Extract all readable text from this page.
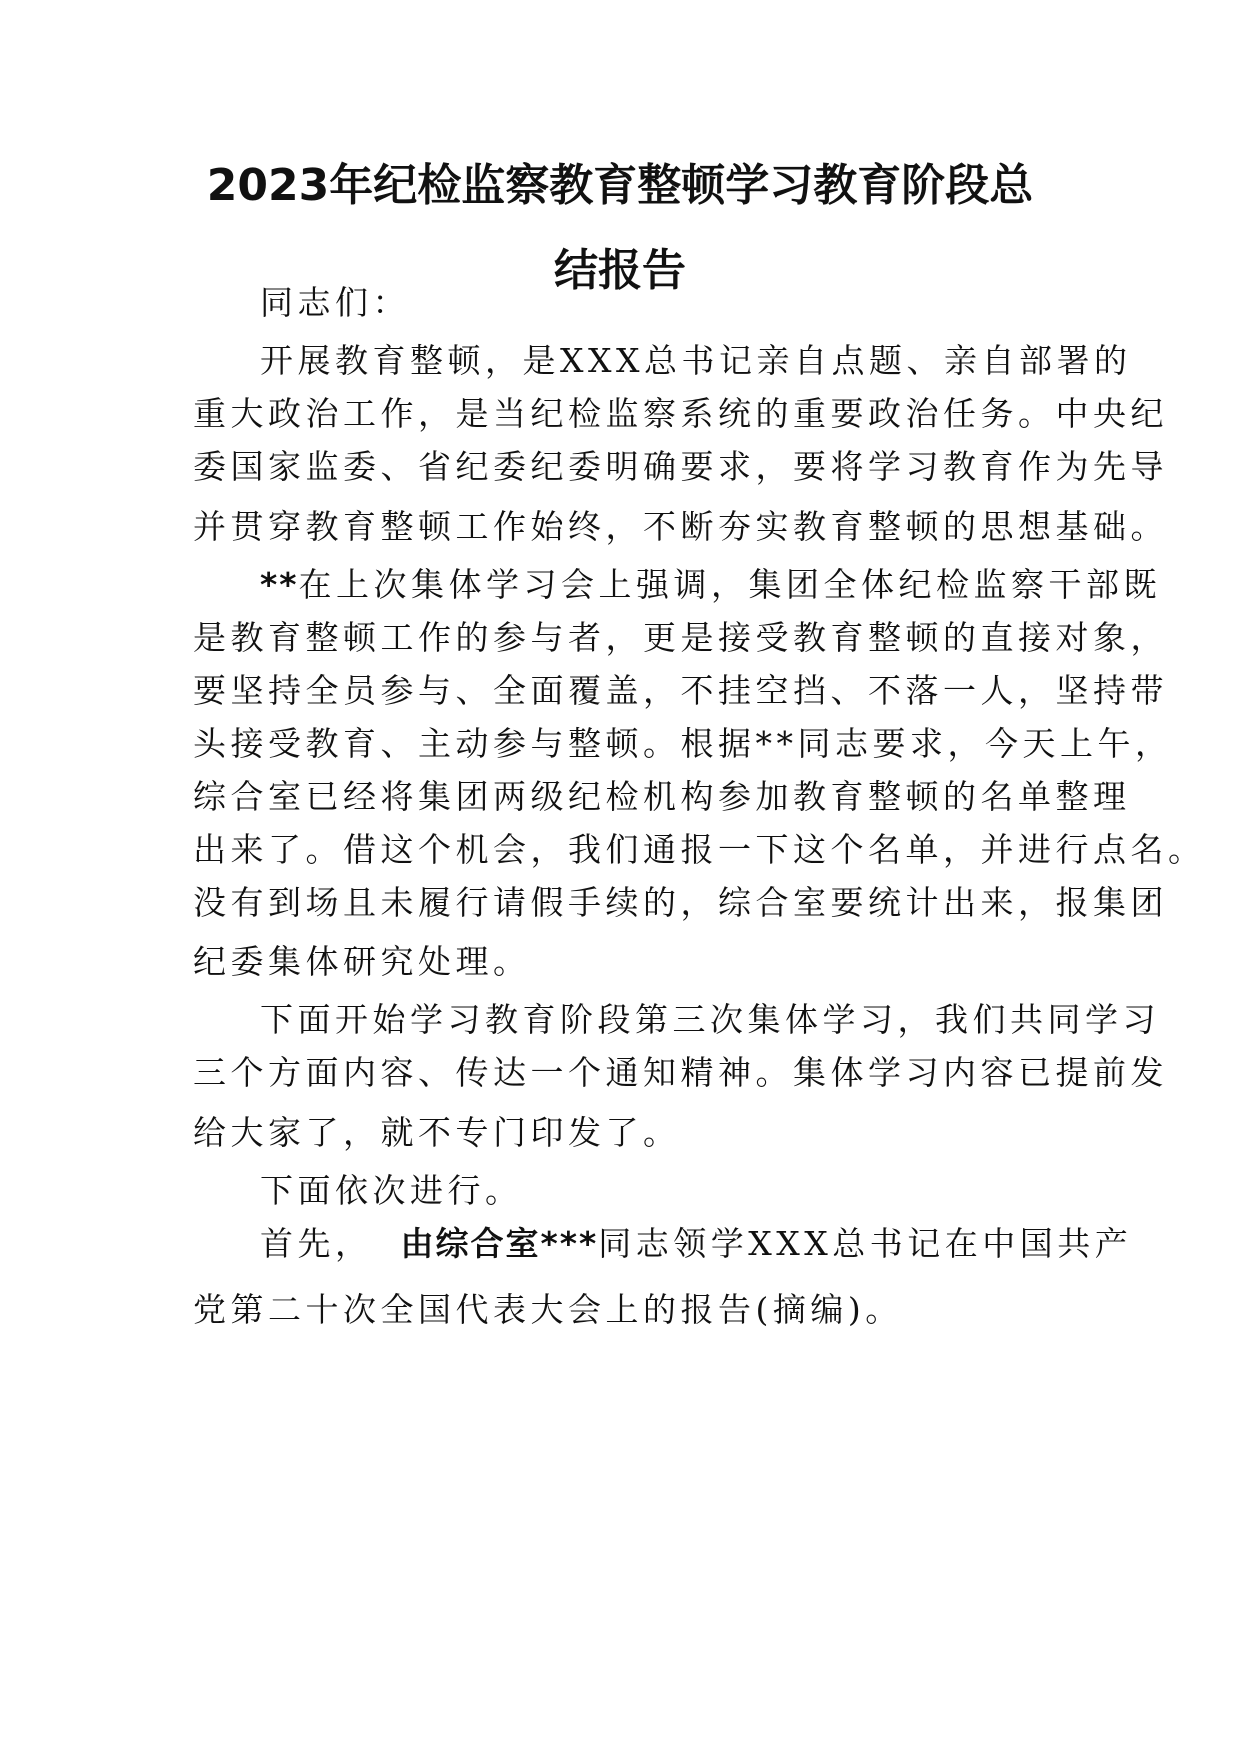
2023年纪检监察教育整顿学习教育阶段总
结报告

同志们：

开展教育整顿，是XXX总书记亲自点题、亲自部署的

重大政治工作，是当纪检监察系统的重要政治任务。中央纪

委国家监委、省纪委纪委明确要求，要将学习教育作为先导

并贯穿教育整顿工作始终，不断夯实教育整顿的思想基础。

**在上次集体学习会上强调，集团全体纪检监察干部既

是教育整顿工作的参与者，更是接受教育整顿的直接对象，

要坚持全员参与、全面覆盖，不挂空挡、不落一人，坚持带

头接受教育、主动参与整顿。根据**同志要求，今天上午，

综合室已经将集团两级纪检机构参加教育整顿的名单整理

出来了。借这个机会，我们通报一下这个名单，并进行点名。

没有到场且未履行请假手续的，综合室要统计出来，报集团

纪委集体研究处理。

下面开始学习教育阶段第三次集体学习，我们共同学习

三个方面内容、传达一个通知精神。集体学习内容已提前发

给大家了，就不专门印发了。

下面依次进行。

首先， 由综合室***同志领学XXX总书记在中国共产

党第二十次全国代表大会上的报告(摘编)。
